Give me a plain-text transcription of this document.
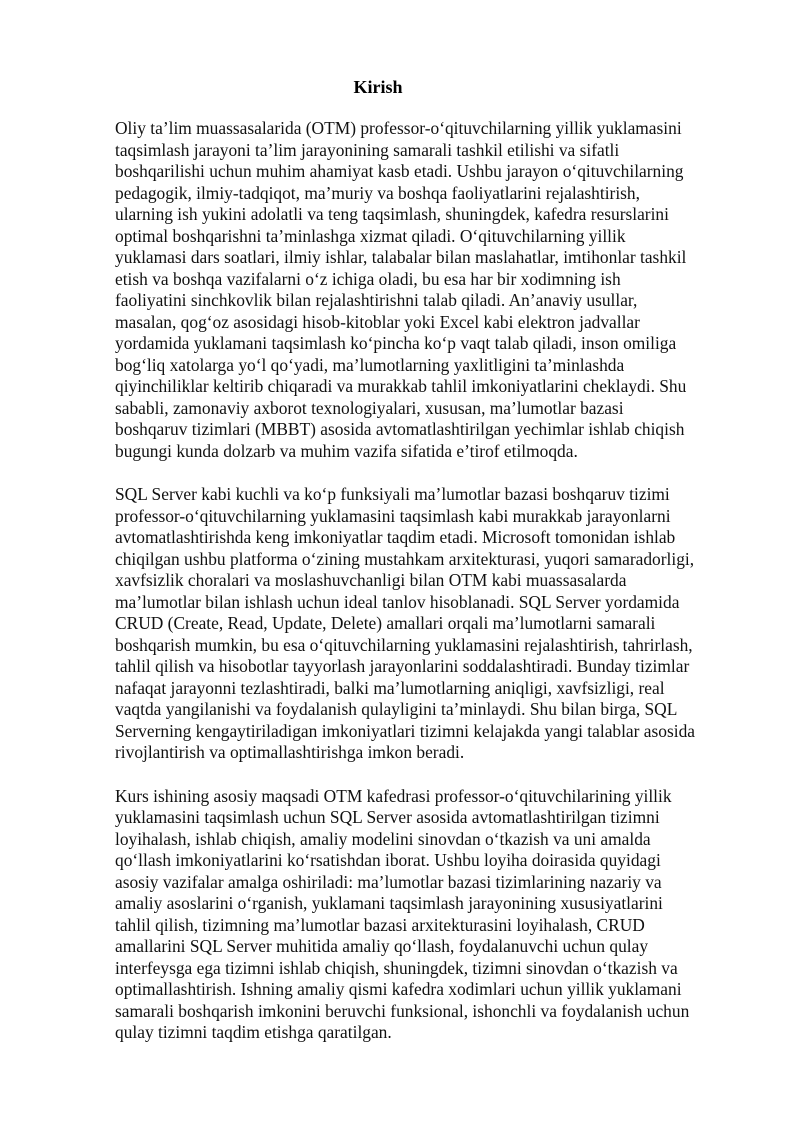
Kirish

Oliy ta’lim muassasalarida (OTM) professor-o‘qituvchilarning yillik yuklamasini
taqsimlash jarayoni ta’lim jarayonining samarali tashkil etilishi va sifatli
boshqarilishi uchun muhim ahamiyat kasb etadi. Ushbu jarayon o‘qituvchilarning
pedagogik, ilmiy-tadqiqot, ma’muriy va boshqa faoliyatlarini rejalashtirish,
ularning ish yukini adolatli va teng taqsimlash, shuningdek, kafedra resurslarini
optimal boshqarishni ta’minlashga xizmat qiladi. O‘qituvchilarning yillik
yuklamasi dars soatlari, ilmiy ishlar, talabalar bilan maslahatlar, imtihonlar tashkil
etish va boshqa vazifalarni o‘z ichiga oladi, bu esa har bir xodimning ish
faoliyatini sinchkovlik bilan rejalashtirishni talab qiladi. An’anaviy usullar,
masalan, qog‘oz asosidagi hisob-kitoblar yoki Excel kabi elektron jadvallar
yordamida yuklamani taqsimlash ko‘pincha ko‘p vaqt talab qiladi, inson omiliga
bog‘liq xatolarga yo‘l qo‘yadi, ma’lumotlarning yaxlitligini ta’minlashda
qiyinchiliklar keltirib chiqaradi va murakkab tahlil imkoniyatlarini cheklaydi. Shu
sababli, zamonaviy axborot texnologiyalari, xususan, ma’lumotlar bazasi
boshqaruv tizimlari (MBBT) asosida avtomatlashtirilgan yechimlar ishlab chiqish
bugungi kunda dolzarb va muhim vazifa sifatida e’tirof etilmoqda.

SQL Server kabi kuchli va ko‘p funksiyali ma’lumotlar bazasi boshqaruv tizimi
professor-o‘qituvchilarning yuklamasini taqsimlash kabi murakkab jarayonlarni
avtomatlashtirishda keng imkoniyatlar taqdim etadi. Microsoft tomonidan ishlab
chiqilgan ushbu platforma o‘zining mustahkam arxitekturasi, yuqori samaradorligi,
xavfsizlik choralari va moslashuvchanligi bilan OTM kabi muassasalarda
ma’lumotlar bilan ishlash uchun ideal tanlov hisoblanadi. SQL Server yordamida
CRUD (Create, Read, Update, Delete) amallari orqali ma’lumotlarni samarali
boshqarish mumkin, bu esa o‘qituvchilarning yuklamasini rejalashtirish, tahrirlash,
tahlil qilish va hisobotlar tayyorlash jarayonlarini soddalashtiradi. Bunday tizimlar
nafaqat jarayonni tezlashtiradi, balki ma’lumotlarning aniqligi, xavfsizligi, real
vaqtda yangilanishi va foydalanish qulayligini ta’minlaydi. Shu bilan birga, SQL
Serverning kengaytiriladigan imkoniyatlari tizimni kelajakda yangi talablar asosida
rivojlantirish va optimallashtirishga imkon beradi.

Kurs ishining asosiy maqsadi OTM kafedrasi professor-o‘qituvchilarining yillik
yuklamasini taqsimlash uchun SQL Server asosida avtomatlashtirilgan tizimni
loyihalash, ishlab chiqish, amaliy modelini sinovdan o‘tkazish va uni amalda
qo‘llash imkoniyatlarini ko‘rsatishdan iborat. Ushbu loyiha doirasida quyidagi
asosiy vazifalar amalga oshiriladi: ma’lumotlar bazasi tizimlarining nazariy va
amaliy asoslarini o‘rganish, yuklamani taqsimlash jarayonining xususiyatlarini
tahlil qilish, tizimning ma’lumotlar bazasi arxitekturasini loyihalash, CRUD
amallarini SQL Server muhitida amaliy qo‘llash, foydalanuvchi uchun qulay
interfeysga ega tizimni ishlab chiqish, shuningdek, tizimni sinovdan o‘tkazish va
optimallashtirish. Ishning amaliy qismi kafedra xodimlari uchun yillik yuklamani
samarali boshqarish imkonini beruvchi funksional, ishonchli va foydalanish uchun
qulay tizimni taqdim etishga qaratilgan.
